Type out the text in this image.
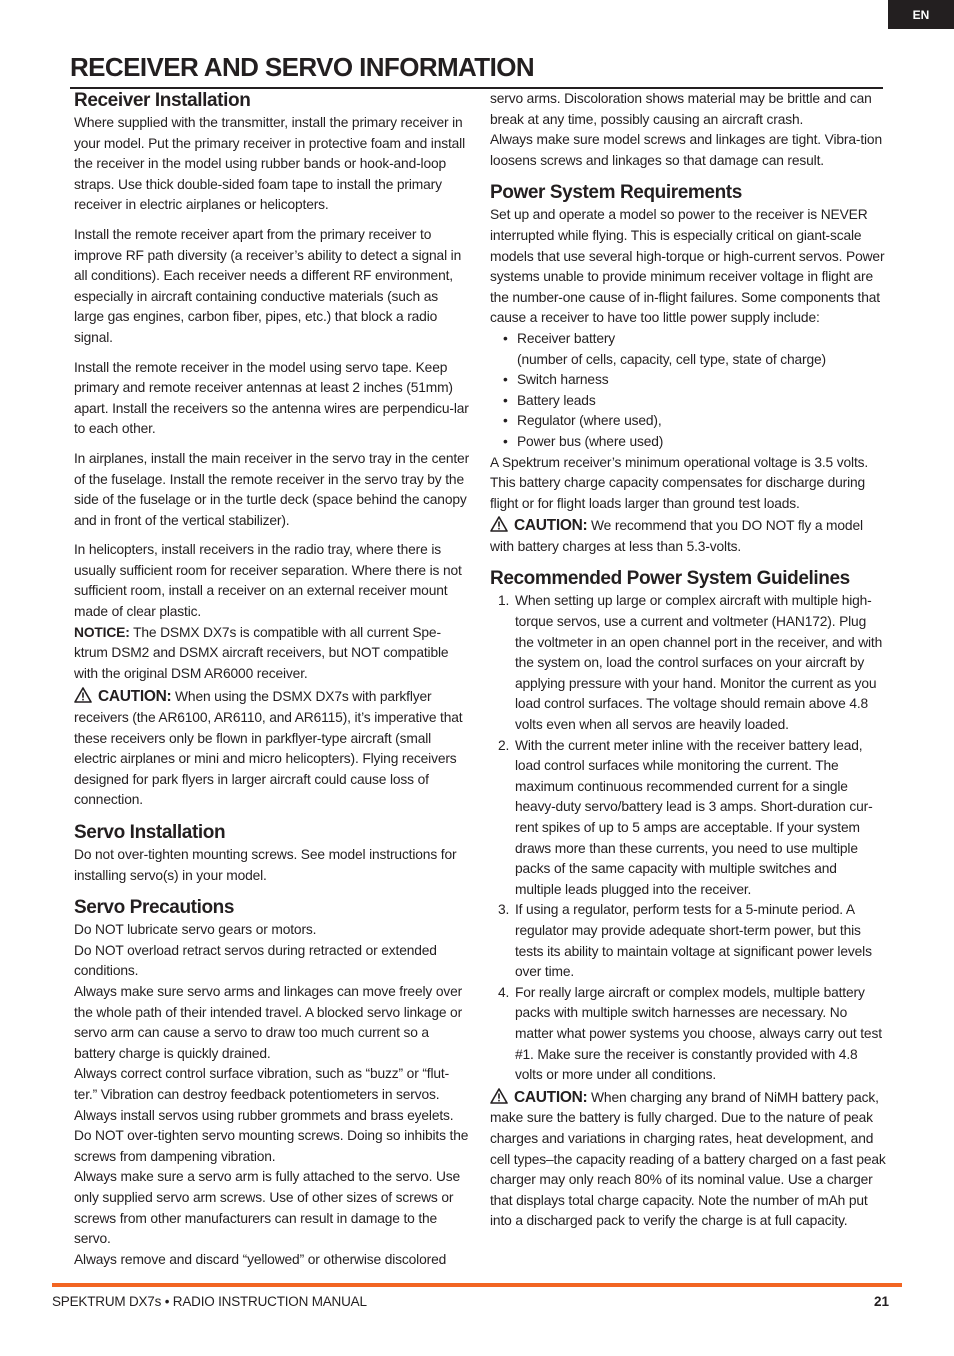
EN
RECEIVER AND SERVO INFORMATION
Receiver Installation

Where supplied with the transmitter, install the primary receiver in your model. Put the primary receiver in protective foam and install the receiver in the model using rubber bands or hook-and-loop straps. Use thick double-sided foam tape to install the primary receiver in electric airplanes or helicopters.

Install the remote receiver apart from the primary receiver to improve RF path diversity (a receiver’s ability to detect a signal in all conditions). Each receiver needs a different RF environment, especially in aircraft containing conductive materials (such as large gas engines, carbon fiber, pipes, etc.) that block a radio signal.

Install the remote receiver in the model using servo tape. Keep primary and remote receiver antennas at least 2 inches (51mm) apart. Install the receivers so the antenna wires are perpendicu-lar to each other.

In airplanes, install the main receiver in the servo tray in the center of the fuselage. Install the remote receiver in the servo tray by the side of the fuselage or in the turtle deck (space behind the canopy and in front of the vertical stabilizer).

In helicopters, install receivers in the radio tray, where there is usually sufficient room for receiver separation. Where there is not sufficient room, install a receiver on an external receiver mount made of clear plastic.

NOTICE: The DSMX DX7s is compatible with all current Spe-ktrum DSM2 and DSMX aircraft receivers, but NOT compatible with the original DSM AR6000 receiver.

CAUTION: When using the DSMX DX7s with parkflyer receivers (the AR6100, AR6110, and AR6115), it’s imperative that these receivers only be flown in parkflyer-type aircraft (small electric airplanes or mini and micro helicopters). Flying receivers designed for park flyers in larger aircraft could cause loss of connection.

Servo Installation

Do not over-tighten mounting screws. See model instructions for installing servo(s) in your model.

Servo Precautions

Do NOT lubricate servo gears or motors.

Do NOT overload retract servos during retracted or extended conditions.

Always make sure servo arms and linkages can move freely over the whole path of their intended travel. A blocked servo linkage or servo arm can cause a servo to draw too much current so a battery charge is quickly drained.

Always correct control surface vibration, such as “buzz” or “flut-ter.” Vibration can destroy feedback potentiometers in servos.

Always install servos using rubber grommets and brass eyelets.

Do NOT over-tighten servo mounting screws. Doing so inhibits the screws from dampening vibration.

Always make sure a servo arm is fully attached to the servo. Use only supplied servo arm screws. Use of other sizes of screws or screws from other manufacturers can result in damage to the servo.

Always remove and discard “yellowed” or otherwise discolored

servo arms. Discoloration shows material may be brittle and can break at any time, possibly causing an aircraft crash.

Always make sure model screws and linkages are tight. Vibra-tion loosens screws and linkages so that damage can result.

Power System Requirements

Set up and operate a model so power to the receiver is NEVER interrupted while flying. This is especially critical on giant-scale models that use several high-torque or high-current servos. Power systems unable to provide minimum receiver voltage in flight are the number-one cause of in-flight failures. Some components that cause a receiver to have too little power supply include:

• Receiver battery
(number of cells, capacity, cell type, state of charge)
• Switch harness
• Battery leads
• Regulator (where used),
• Power bus (where used)

A Spektrum receiver’s minimum operational voltage is 3.5 volts. This battery charge capacity compensates for discharge during flight or for flight loads larger than ground test loads.

CAUTION: We recommend that you DO NOT fly a model with battery charges at less than 5.3-volts.

Recommended Power System Guidelines
1. When setting up large or complex aircraft with multiple high-torque servos, use a current and voltmeter (HAN172). Plug the voltmeter in an open channel port in the receiver, and with the system on, load the control surfaces on your aircraft by applying pressure with your hand. Monitor the current as you load control surfaces. The voltage should remain above 4.8 volts even when all servos are heavily loaded.
2. With the current meter inline with the receiver battery lead, load control surfaces while monitoring the current. The maximum continuous recommended current for a single heavy-duty servo/battery lead is 3 amps. Short-duration cur-rent spikes of up to 5 amps are acceptable. If your system draws more than these currents, you need to use multiple packs of the same capacity with multiple switches and multiple leads plugged into the receiver.
3. If using a regulator, perform tests for a 5-minute period. A regulator may provide adequate short-term power, but this tests its ability to maintain voltage at significant power levels over time.
4. For really large aircraft or complex models, multiple battery packs with multiple switch harnesses are necessary. No matter what power systems you choose, always carry out test #1. Make sure the receiver is constantly provided with 4.8 volts or more under all conditions.

CAUTION: When charging any brand of NiMH battery pack, make sure the battery is fully charged. Due to the nature of peak charges and variations in charging rates, heat development, and cell types–the capacity reading of a battery charged on a fast peak charger may only reach 80% of its nominal value. Use a charger that displays total charge capacity. Note the number of mAh put into a discharged pack to verify the charge is at full capacity.

SPEKTRUM DX7s • RADIO INSTRUCTION MANUAL	21
